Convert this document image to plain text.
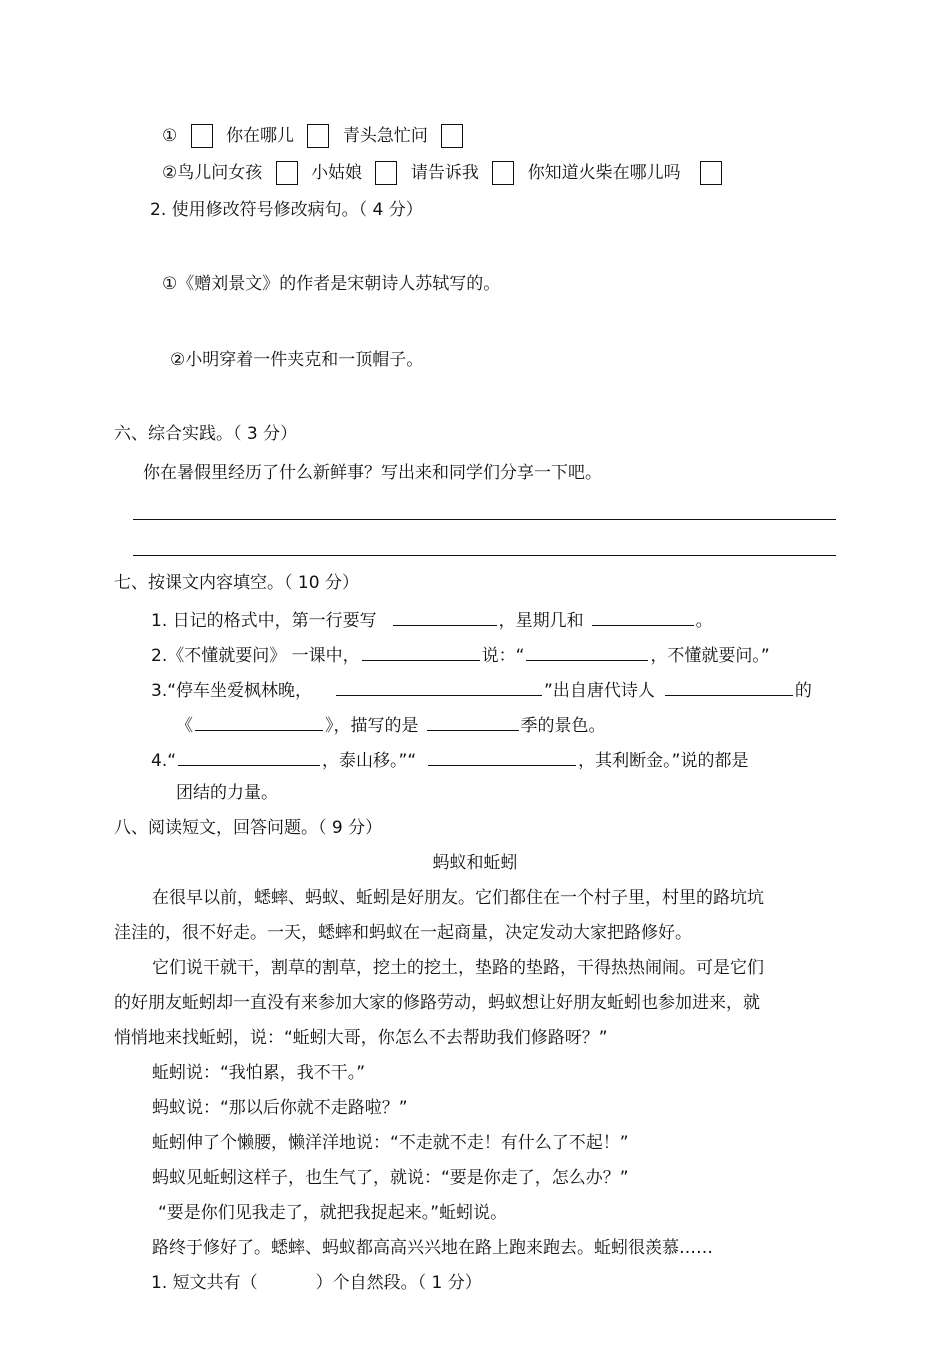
①	你在哪儿	青头急忙问
②鸟儿问女孩	小姑娘	请告诉我	你知道火柴在哪儿吗
2. 使用修改符号修改病句。（ 4 分）
①《赠刘景文》的作者是宋朝诗人苏轼写的。
②小明穿着一件夹克和一顶帽子。
六、综合实践。（ 3 分）
你在暑假里经历了什么新鲜事？写出来和同学们分享一下吧。
七、按课文内容填空。（ 10 分）
1. 日记的格式中，第一行要写	，星期几和	。
2.《不懂就要问》 一课中，	说：“	，不懂就要问。”
3.“停车坐爱枫林晚，	”出自唐代诗人	的
《	》，描写的是	季的景色。
4.“	，泰山移。”“	，其利断金。”说的都是
团结的力量。
八、阅读短文，回答问题。（ 9 分）
蚂蚁和蚯蚓
在很早以前，蟋蟀、蚂蚁、蚯蚓是好朋友。它们都住在一个村子里，村里的路坑坑
洼洼的，很不好走。一天，蟋蟀和蚂蚁在一起商量，决定发动大家把路修好。
它们说干就干，割草的割草，挖土的挖土，垫路的垫路，干得热热闹闹。可是它们
的好朋友蚯蚓却一直没有来参加大家的修路劳动，蚂蚁想让好朋友蚯蚓也参加进来，就
悄悄地来找蚯蚓，说：“蚯蚓大哥，你怎么不去帮助我们修路呀？”
蚯蚓说：“我怕累，我不干。”
蚂蚁说：“那以后你就不走路啦？”
蚯蚓伸了个懒腰，懒洋洋地说：“不走就不走！有什么了不起！”
蚂蚁见蚯蚓这样子，也生气了，就说：“要是你走了，怎么办？”
“要是你们见我走了，就把我捉起来。”蚯蚓说。
路终于修好了。蟋蟀、蚂蚁都高高兴兴地在路上跑来跑去。蚯蚓很羡慕……
1. 短文共有（	）个自然段。（ 1 分）
